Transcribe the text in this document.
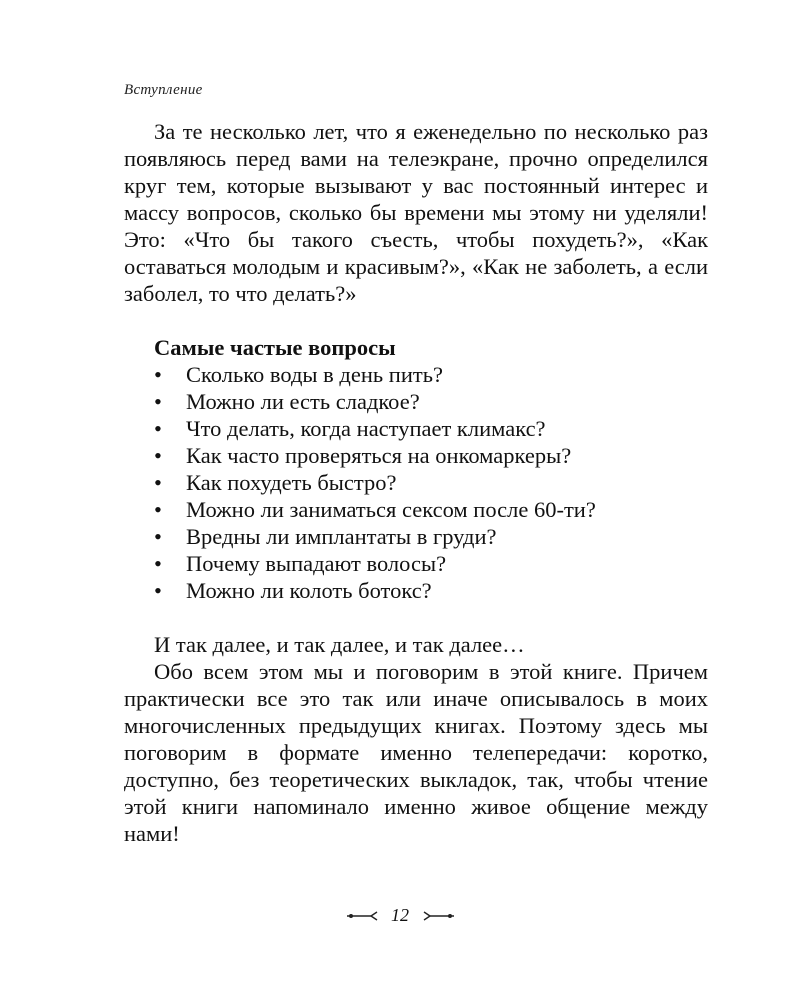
Вступление

За те несколько лет, что я еженедельно по несколько раз появляюсь перед вами на телеэкране, прочно определился круг тем, которые вызывают у вас постоянный интерес и массу вопросов, сколько бы времени мы этому ни уделяли! Это: «Что бы такого съесть, чтобы похудеть?», «Как оставаться молодым и красивым?», «Как не заболеть, а если заболел, то что делать?»

Самые частые вопросы

• Сколько воды в день пить?
• Можно ли есть сладкое?
• Что делать, когда наступает климакс?
• Как часто проверяться на онкомаркеры?
• Как похудеть быстро?
• Можно ли заниматься сексом после 60-ти?
• Вредны ли имплантаты в груди?
• Почему выпадают волосы?
• Можно ли колоть ботокс?

И так далее, и так далее, и так далее…

Обо всем этом мы и поговорим в этой книге. Причем практически все это так или иначе описывалось в моих многочисленных предыдущих книгах. Поэтому здесь мы поговорим в формате именно телепередачи: коротко, доступно, без теоретических выкладок, так, чтобы чтение этой книги напоминало именно живое общение между нами!

12
